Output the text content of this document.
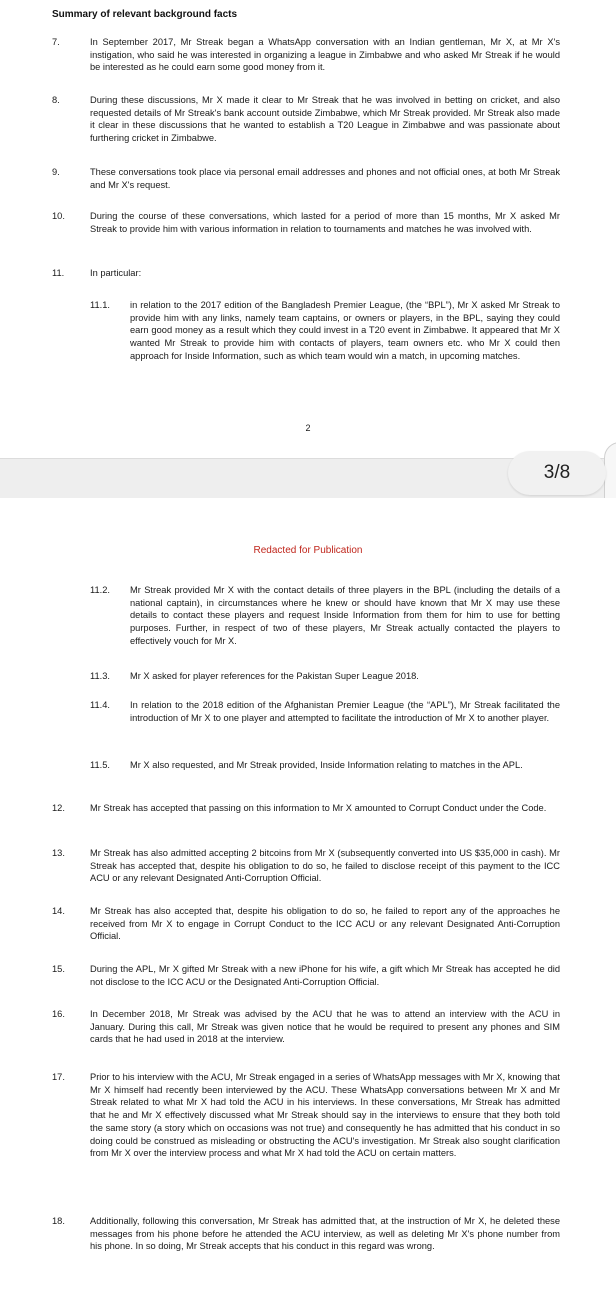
Summary of relevant background facts
7.	In September 2017, Mr Streak began a WhatsApp conversation with an Indian gentleman, Mr X, at Mr X's instigation, who said he was interested in organizing a league in Zimbabwe and who asked Mr Streak if he would be interested as he could earn some good money from it.
8.	During these discussions, Mr X made it clear to Mr Streak that he was involved in betting on cricket, and also requested details of Mr Streak's bank account outside Zimbabwe, which Mr Streak provided. Mr Streak also made it clear in these discussions that he wanted to establish a T20 League in Zimbabwe and was passionate about furthering cricket in Zimbabwe.
9.	These conversations took place via personal email addresses and phones and not official ones, at both Mr Streak and Mr X's request.
10.	During the course of these conversations, which lasted for a period of more than 15 months, Mr X asked Mr Streak to provide him with various information in relation to tournaments and matches he was involved with.
11.	In particular:
11.1.	in relation to the 2017 edition of the Bangladesh Premier League, (the “BPL”), Mr X asked Mr Streak to provide him with any links, namely team captains, or owners or players, in the BPL, saying they could earn good money as a result which they could invest in a T20 event in Zimbabwe. It appeared that Mr X wanted Mr Streak to provide him with contacts of players, team owners etc. who Mr X could then approach for Inside Information, such as which team would win a match, in upcoming matches.
2
3/8
Redacted for Publication
11.2.	Mr Streak provided Mr X with the contact details of three players in the BPL (including the details of a national captain), in circumstances where he knew or should have known that Mr X may use these details to contact these players and request Inside Information from them for him to use for betting purposes. Further, in respect of two of these players, Mr Streak actually contacted the players to effectively vouch for Mr X.
11.3.	Mr X asked for player references for the Pakistan Super League 2018.
11.4.	In relation to the 2018 edition of the Afghanistan Premier League (the “APL”), Mr Streak facilitated the introduction of Mr X to one player and attempted to facilitate the introduction of Mr X to another player.
11.5.	Mr X also requested, and Mr Streak provided, Inside Information relating to matches in the APL.
12.	Mr Streak has accepted that passing on this information to Mr X amounted to Corrupt Conduct under the Code.
13.	Mr Streak has also admitted accepting 2 bitcoins from Mr X (subsequently converted into US $35,000 in cash). Mr Streak has accepted that, despite his obligation to do so, he failed to disclose receipt of this payment to the ICC ACU or any relevant Designated Anti-Corruption Official.
14.	Mr Streak has also accepted that, despite his obligation to do so, he failed to report any of the approaches he received from Mr X to engage in Corrupt Conduct to the ICC ACU or any relevant Designated Anti-Corruption Official.
15.	During the APL, Mr X gifted Mr Streak with a new iPhone for his wife, a gift which Mr Streak has accepted he did not disclose to the ICC ACU or the Designated Anti-Corruption Official.
16.	In December 2018, Mr Streak was advised by the ACU that he was to attend an interview with the ACU in January. During this call, Mr Streak was given notice that he would be required to present any phones and SIM cards that he had used in 2018 at the interview.
17.	Prior to his interview with the ACU, Mr Streak engaged in a series of WhatsApp messages with Mr X, knowing that Mr X himself had recently been interviewed by the ACU. These WhatsApp conversations between Mr X and Mr Streak related to what Mr X had told the ACU in his interviews. In these conversations, Mr Streak has admitted that he and Mr X effectively discussed what Mr Streak should say in the interviews to ensure that they both told the same story (a story which on occasions was not true) and consequently he has admitted that his conduct in so doing could be construed as misleading or obstructing the ACU's investigation. Mr Streak also sought clarification from Mr X over the interview process and what Mr X had told the ACU on certain matters.
18.	Additionally, following this conversation, Mr Streak has admitted that, at the instruction of Mr X, he deleted these messages from his phone before he attended the ACU interview, as well as deleting Mr X's phone number from his phone. In so doing, Mr Streak accepts that his conduct in this regard was wrong.
